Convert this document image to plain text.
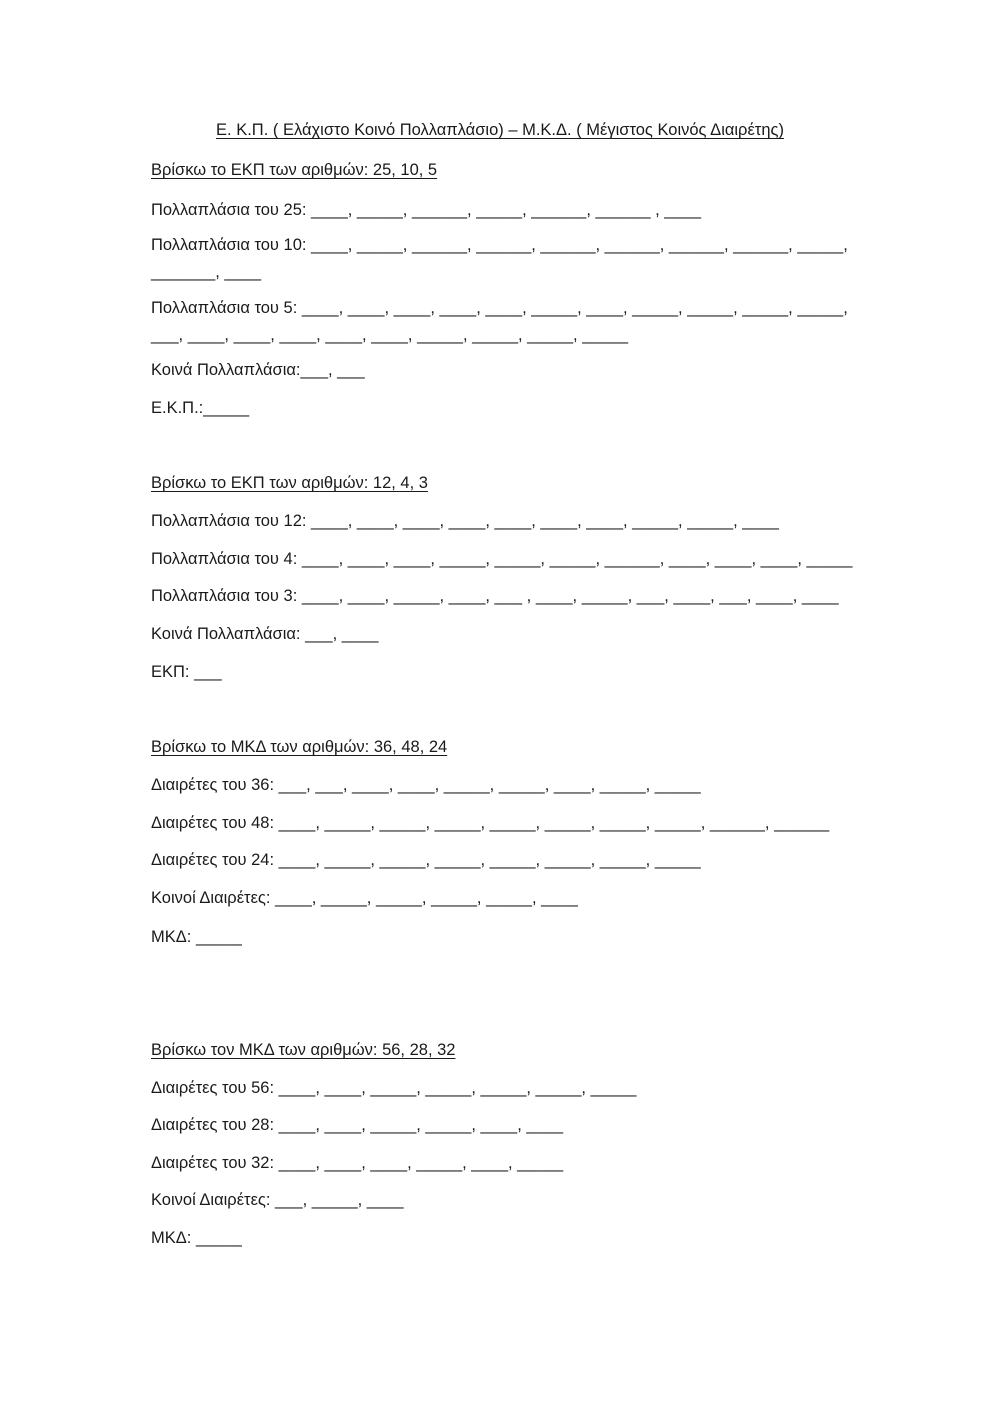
Ε. Κ.Π. ( Ελάχιστο Κοινό Πολλαπλάσιο) – Μ.Κ.Δ. ( Μέγιστος Κοινός Διαιρέτης)
Βρίσκω το ΕΚΠ των αριθμών: 25, 10, 5
Πολλαπλάσια του 25: ____, _____, ______, _____, ______, ______ , ____
Πολλαπλάσια του 10: ____, _____, ______, ______, ______, ______, ______, ______, _____,
_______, ____
Πολλαπλάσια του 5: ____, ____, ____, ____, ____, _____, ____, _____, _____, _____, _____,
___, ____, ____, ____, ____, ____, _____, _____, _____, _____
Κοινά Πολλαπλάσια:___, ___
Ε.Κ.Π.:_____
Βρίσκω το ΕΚΠ των αριθμών: 12, 4, 3
Πολλαπλάσια του 12: ____, ____, ____, ____, ____, ____, ____, _____, _____, ____
Πολλαπλάσια του 4: ____, ____, ____, _____, _____, _____, ______, ____, ____, ____, _____
Πολλαπλάσια του 3: ____, ____, _____, ____, ___ , ____, _____, ___, ____, ___, ____, ____
Κοινά Πολλαπλάσια: ___, ____
ΕΚΠ: ___
Βρίσκω το ΜΚΔ των αριθμών: 36, 48, 24
Διαιρέτες του 36: ___, ___, ____, ____, _____, _____, ____, _____, _____
Διαιρέτες του 48: ____, _____, _____, _____, _____, _____, _____, _____, ______, ______
Διαιρέτες του 24: ____, _____, _____, _____, _____, _____, _____, _____
Κοινοί Διαιρέτες: ____, _____, _____, _____, _____, ____
ΜΚΔ: _____
Βρίσκω τον ΜΚΔ των αριθμών: 56, 28, 32
Διαιρέτες του 56: ____, ____, _____, _____, _____, _____, _____
Διαιρέτες του 28: ____, ____, _____, _____, ____, ____
Διαιρέτες του 32: ____, ____, ____, _____, ____, _____
Κοινοί Διαιρέτες: ___, _____, ____
ΜΚΔ: _____
